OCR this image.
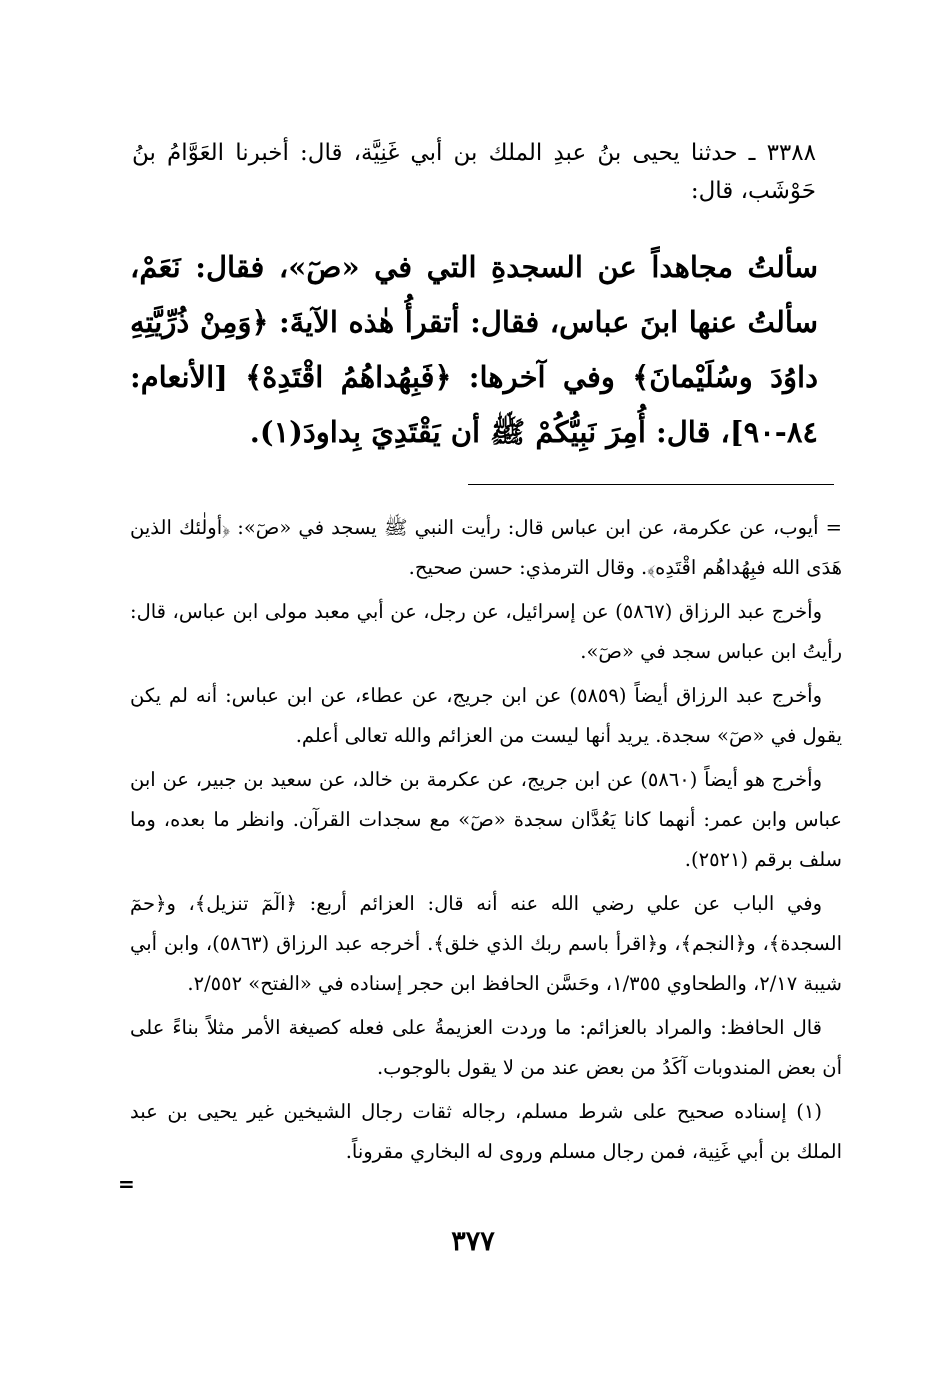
٣٣٨٨ ـ حدثنا يحيى بنُ عبدِ الملك بن أبي غَنِيَّة، قال: أخبرنا العَوَّامُ بنُ حَوْشَب، قال:
سألتُ مجاهداً عن السجدةِ التي في «صٓ»، فقال: نَعَمْ، سألتُ عنها ابنَ عباس، فقال: أتقرأُ هٰذه الآيةَ: ﴿وَمِنْ ذُرِّيَّتِهِ داوُدَ وسُلَيْمانَ﴾ وفي آخرها: ﴿فَبِهُداهُمُ اقْتَدِهْ﴾ [الأنعام: ٨٤-٩٠]، قال: أُمِرَ نَبِيُّكُمْ ﷺ أن يَقْتَدِيَ بِداودَ(١).

= أيوب، عن عكرمة، عن ابن عباس قال: رأيت النبي ﷺ يسجد في «صٓ»: ﴿أولٰئك الذين هَدَى الله فبِهُداهُم اقْتَدِه﴾. وقال الترمذي: حسن صحيح.

وأخرج عبد الرزاق (٥٨٦٧) عن إسرائيل، عن رجل، عن أبي معبد مولى ابن عباس، قال: رأيتُ ابن عباس سجد في «صٓ».

وأخرج عبد الرزاق أيضاً (٥٨٥٩) عن ابن جريج، عن عطاء، عن ابن عباس: أنه لم يكن يقول في «صٓ» سجدة. يريد أنها ليست من العزائم والله تعالى أعلم.

وأخرج هو أيضاً (٥٨٦٠) عن ابن جريج، عن عكرمة بن خالد، عن سعيد بن جبير، عن ابن عباس وابن عمر: أنهما كانا يَعُدَّان سجدة «صٓ» مع سجدات القرآن. وانظر ما بعده، وما سلف برقم (٢٥٢١).

وفي الباب عن علي رضي الله عنه أنه قال: العزائم أربع: ﴿الٓمٓ تنزيل﴾، و﴿حمٓ السجدة﴾، و﴿النجم﴾، و﴿اقرأ باسم ربك الذي خلق﴾. أخرجه عبد الرزاق (٥٨٦٣)، وابن أبي شيبة ٢/١٧، والطحاوي ١/٣٥٥، وحَسَّن الحافظ ابن حجر إسناده في «الفتح» ٢/٥٥٢.

قال الحافظ: والمراد بالعزائم: ما وردت العزيمةُ على فعله كصيغة الأمر مثلاً بناءً على أن بعض المندوبات آكَدُ من بعض عند من لا يقول بالوجوب.

(١) إسناده صحيح على شرط مسلم، رجاله ثقات رجال الشيخين غير يحيى بن عبد الملك بن أبي غَنِية، فمن رجال مسلم وروى له البخاري مقروناً.

=
٣٧٧
